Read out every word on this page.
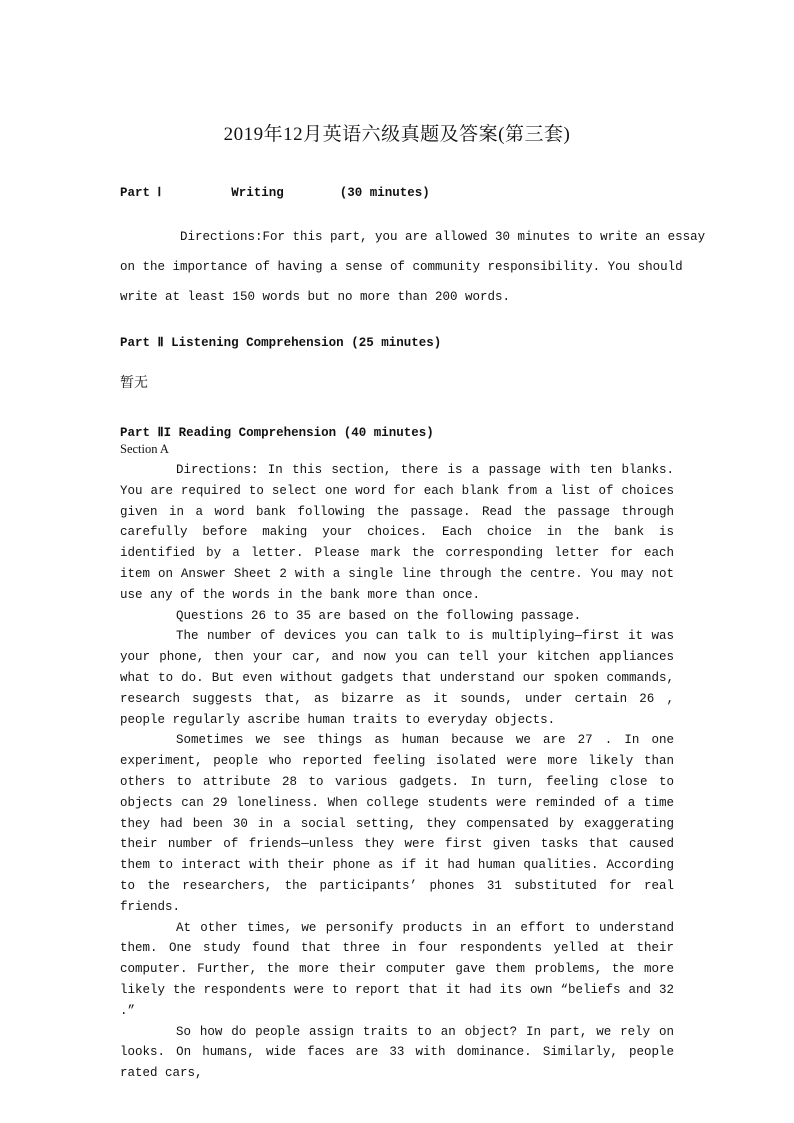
2019年12月英语六级真题及答案(第三套)
Part Ⅰ	Writing	(30 minutes)
Directions:For this part, you are allowed 30 minutes to write an essay
on the importance of having a sense of community responsibility. You should
write at least 150 words but no more than 200 words.
Part Ⅱ Listening Comprehension (25 minutes)
暂无
Part ⅡI Reading Comprehension (40 minutes)
Section A

Directions: In this section, there is a passage with ten blanks. You are required to select one word for each blank from a list of choices given in a word bank following the passage. Read the passage through carefully before making your choices. Each choice in the bank is identified by a letter. Please mark the corresponding letter for each item on Answer Sheet 2 with a single line through the centre. You may not use any of the words in the bank more than once.

Questions 26 to 35 are based on the following passage.

The number of devices you can talk to is multiplying—first it was your phone, then your car, and now you can tell your kitchen appliances what to do. But even without gadgets that understand our spoken commands, research suggests that, as bizarre as it sounds, under certain 26 , people regularly ascribe human traits to everyday objects.

Sometimes we see things as human because we are 27 . In one experiment, people who reported feeling isolated were more likely than others to attribute 28 to various gadgets. In turn, feeling close to objects can 29 loneliness. When college students were reminded of a time they had been 30 in a social setting, they compensated by exaggerating their number of friends—unless they were first given tasks that caused them to interact with their phone as if it had human qualities. According to the researchers, the participants’ phones 31 substituted for real friends.

At other times, we personify products in an effort to understand them. One study found that three in four respondents yelled at their computer. Further, the more their computer gave them problems, the more likely the respondents were to report that it had its own “beliefs and 32 .”

So how do people assign traits to an object? In part, we rely on looks. On humans, wide faces are 33 with dominance. Similarly, people rated cars,
